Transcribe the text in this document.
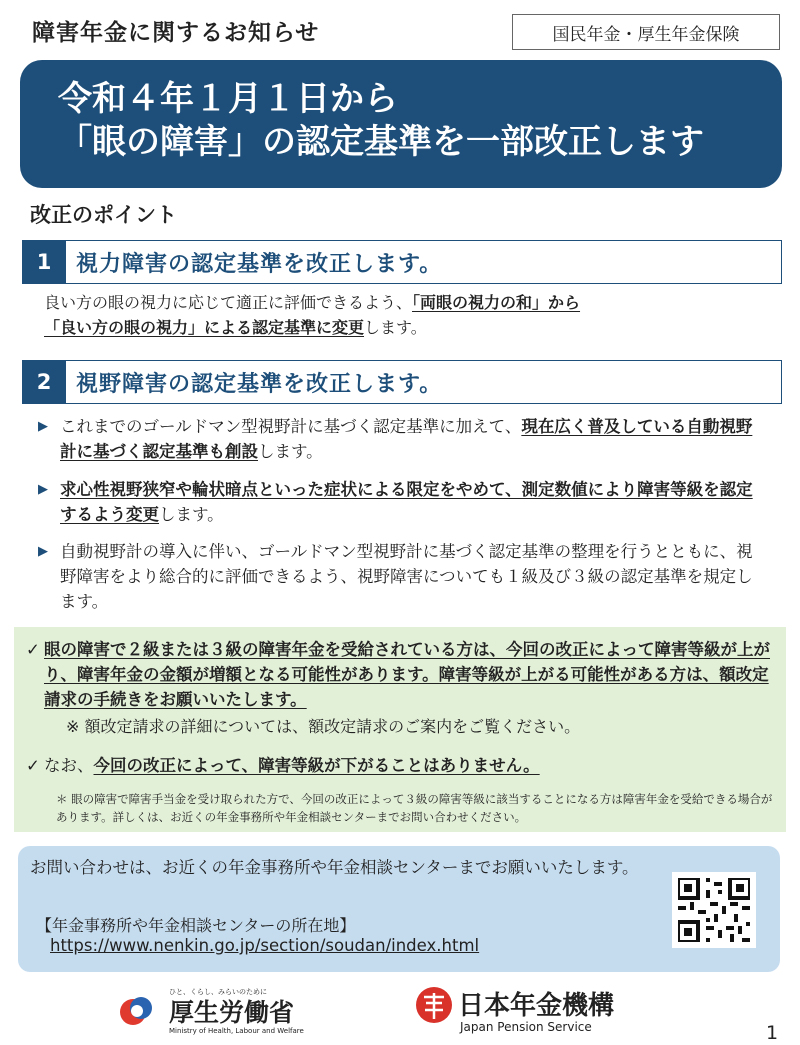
障害年金に関するお知らせ	国民年金・厚生年金保険
令和４年１月１日から
「眼の障害」の認定基準を一部改正します
改正のポイント
1	視力障害の認定基準を改正します。
良い方の眼の視力に応じて適正に評価できるよう、「両眼の視力の和」から
「良い方の眼の視力」による認定基準に変更します。
2	視野障害の認定基準を改正します。
▶ これまでのゴールドマン型視野計に基づく認定基準に加えて、現在広く普及している自動視野計に基づく認定基準も創設します。
▶ 求心性視野狭窄や輪状暗点といった症状による限定をやめて、測定数値により障害等級を認定するよう変更します。
▶ 自動視野計の導入に伴い、ゴールドマン型視野計に基づく認定基準の整理を行うとともに、視野障害をより総合的に評価できるよう、視野障害についても１級及び３級の認定基準を規定します。
✓ 眼の障害で２級または３級の障害年金を受給されている方は、今回の改正によって障害等級が上がり、障害年金の金額が増額となる可能性があります。障害等級が上がる可能性がある方は、額改定請求の手続きをお願いいたします。
※ 額改定請求の詳細については、額改定請求のご案内をご覧ください。
✓ なお、今回の改正によって、障害等級が下がることはありません。
＊ 眼の障害で障害手当金を受け取られた方で、今回の改正によって３級の障害等級に該当することになる方は障害年金を受給できる場合があります。詳しくは、お近くの年金事務所や年金相談センターまでお問い合わせください。
お問い合わせは、お近くの年金事務所や年金相談センターまでお願いいたします。
【年金事務所や年金相談センターの所在地】
https://www.nenkin.go.jp/section/soudan/index.html
ひと、くらし、みらいのために
厚生労働省
Ministry of Health, Labour and Welfare
日本年金機構
Japan Pension Service	1
